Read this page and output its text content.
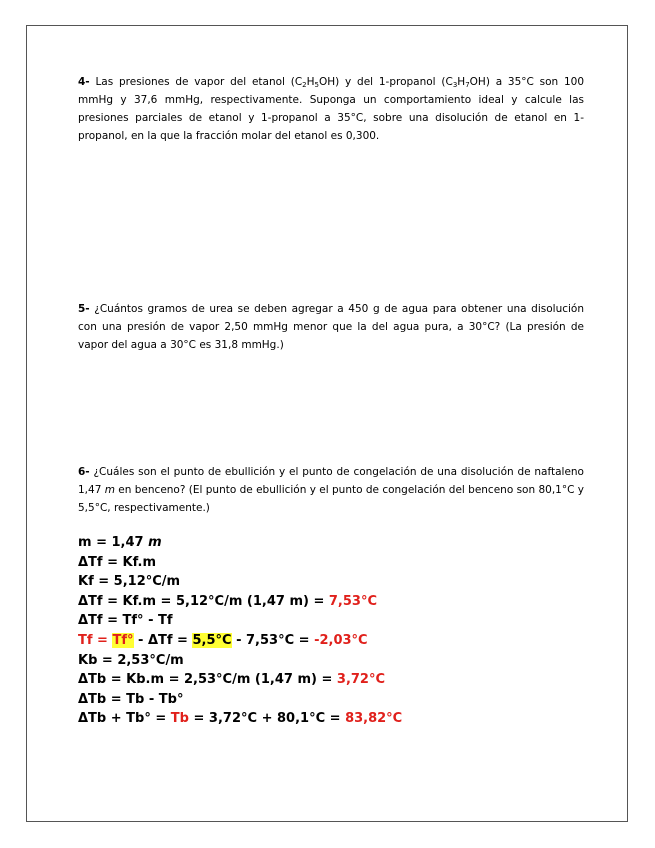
4- Las presiones de vapor del etanol $(C_2H_5OH)$ y del 1-propanol $(C_3H_7OH)$ a 35°C son 100 mmHg y 37,6 mmHg, respectivamente. Suponga un comportamiento ideal y calcule las presiones parciales de etanol y 1-propanol a 35°C, sobre una disolución de etanol en 1-propanol, en la que la fracción molar del etanol es 0,300.
5- ¿Cuántos gramos de urea se deben agregar a 450 g de agua para obtener una disolución con una presión de vapor 2,50 mmHg menor que la del agua pura, a 30°C? (La presión de vapor del agua a 30°C es 31,8 mmHg.)
6- ¿Cuáles son el punto de ebullición y el punto de congelación de una disolución de naftaleno 1,47 m en benceno? (El punto de ebullición y el punto de congelación del benceno son 80,1°C y 5,5°C, respectivamente.)
m = 1,47 m
ΔTf = Kf.m
Kf = 5,12°C/m
ΔTf = Kf.m = 5,12°C/m (1,47 m) = 7,53°C
ΔTf = Tf° - Tf
Tf = Tf° - ΔTf = 5,5°C - 7,53°C = -2,03°C
Kb = 2,53°C/m
ΔTb = Kb.m = 2,53°C/m (1,47 m) = 3,72°C
ΔTb = Tb - Tb°
ΔTb + Tb° = Tb = 3,72°C + 80,1°C = 83,82°C
